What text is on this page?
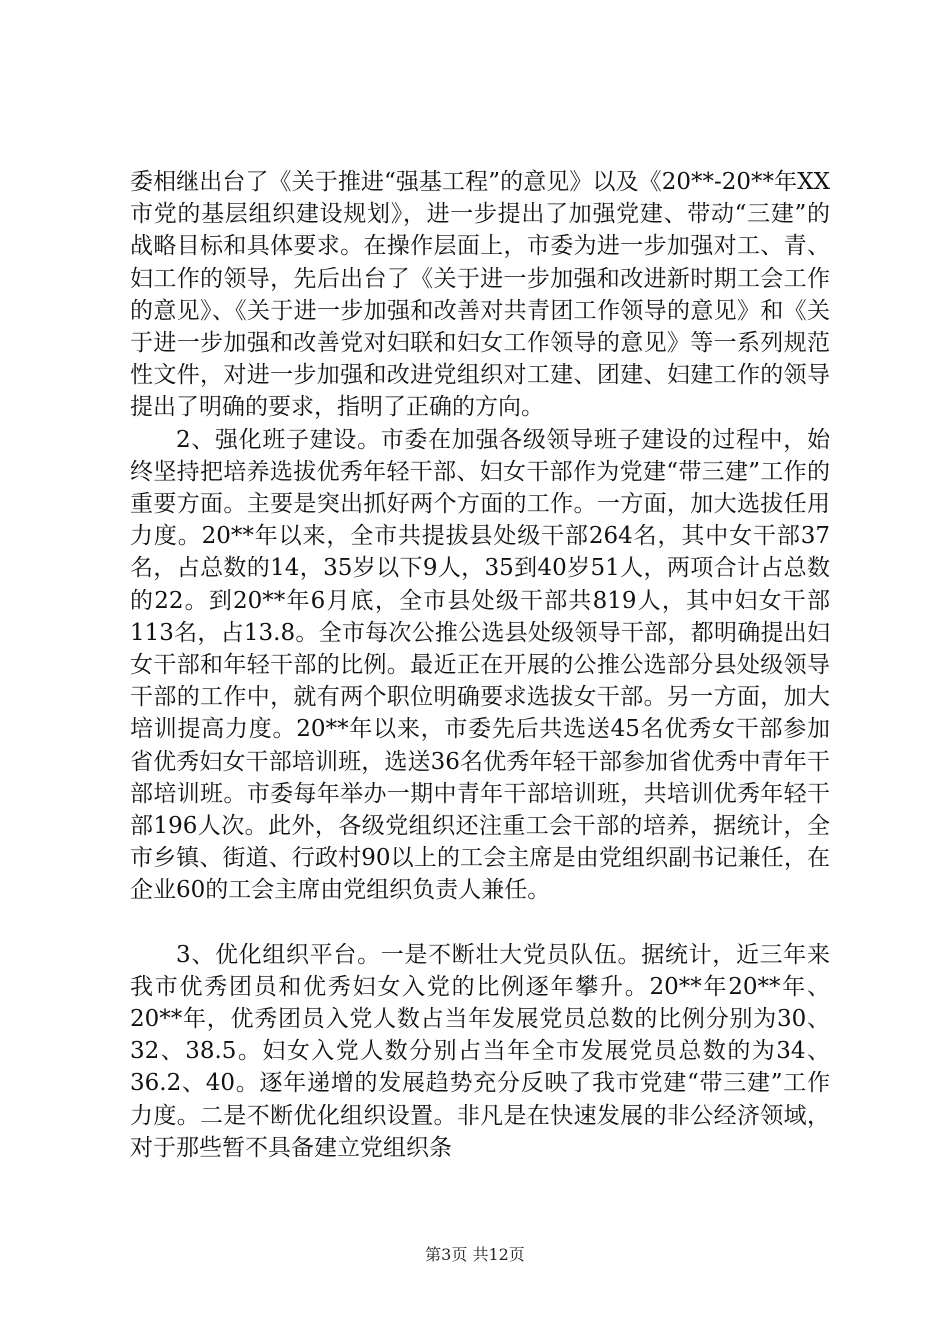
委相继出台了《关于推进“强基工程”的意见》以及《20**-20**年XX市党的基层组织建设规划》，进一步提出了加强党建、带动“三建”的战略目标和具体要求。在操作层面上，市委为进一步加强对工、青、妇工作的领导，先后出台了《关于进一步加强和改进新时期工会工作的意见》、《关于进一步加强和改善对共青团工作领导的意见》和《关于进一步加强和改善党对妇联和妇女工作领导的意见》等一系列规范性文件，对进一步加强和改进党组织对工建、团建、妇建工作的领导提出了明确的要求，指明了正确的方向。

2、强化班子建设。市委在加强各级领导班子建设的过程中，始终坚持把培养选拔优秀年轻干部、妇女干部作为党建“带三建”工作的重要方面。主要是突出抓好两个方面的工作。一方面，加大选拔任用力度。20**年以来，全市共提拔县处级干部264名，其中女干部37名，占总数的14，35岁以下9人，35到40岁51人，两项合计占总数的22。到20**年6月底，全市县处级干部共819人，其中妇女干部113名，占13.8。全市每次公推公选县处级领导干部，都明确提出妇女干部和年轻干部的比例。最近正在开展的公推公选部分县处级领导干部的工作中，就有两个职位明确要求选拔女干部。另一方面，加大培训提高力度。20**年以来，市委先后共选送45名优秀女干部参加省优秀妇女干部培训班，选送36名优秀年轻干部参加省优秀中青年干部培训班。市委每年举办一期中青年干部培训班，共培训优秀年轻干部196人次。此外，各级党组织还注重工会干部的培养，据统计，全市乡镇、街道、行政村90以上的工会主席是由党组织副书记兼任，在企业60的工会主席由党组织负责人兼任。

3、优化组织平台。一是不断壮大党员队伍。据统计，近三年来我市优秀团员和优秀妇女入党的比例逐年攀升。20**年20**年、20**年，优秀团员入党人数占当年发展党员总数的比例分别为30、32、38.5。妇女入党人数分别占当年全市发展党员总数的为34、36.2、40。逐年递增的发展趋势充分反映了我市党建“带三建”工作力度。二是不断优化组织设置。非凡是在快速发展的非公经济领域，对于那些暂不具备建立党组织条

第3页 共12页
